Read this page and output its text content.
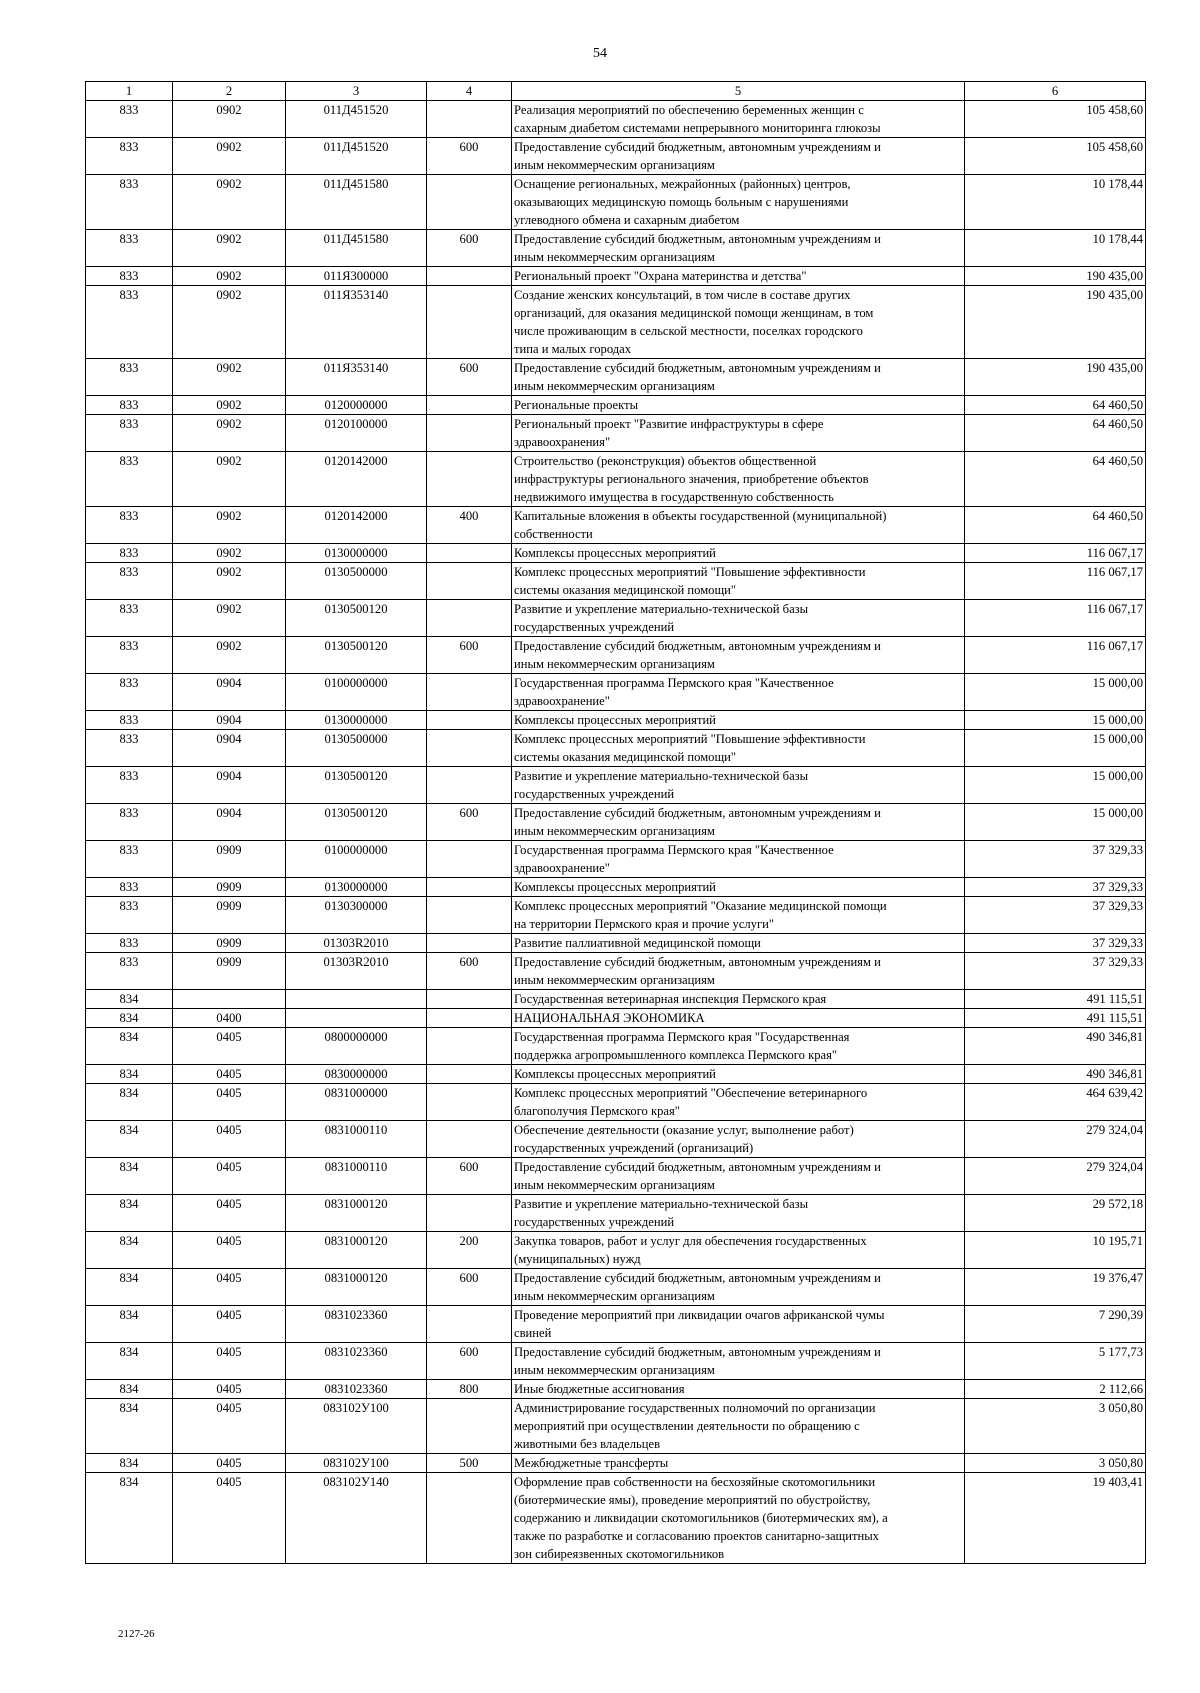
54
1	2	3	4	5	6
833	0902	011Д451520		Реализация мероприятий по обеспечению беременных женщин с
сахарным диабетом системами непрерывного мониторинга глюкозы	105 458,60
833	0902	011Д451520	600	Предоставление субсидий бюджетным, автономным учреждениям и
иным некоммерческим организациям	105 458,60
833	0902	011Д451580		Оснащение региональных, межрайонных (районных) центров,
оказывающих медицинскую помощь больным с нарушениями
углеводного обмена и сахарным диабетом	10 178,44
833	0902	011Д451580	600	Предоставление субсидий бюджетным, автономным учреждениям и
иным некоммерческим организациям	10 178,44
833	0902	011Я300000		Региональный проект "Охрана материнства и детства"	190 435,00
833	0902	011Я353140		Создание женских консультаций, в том числе в составе других
организаций, для оказания медицинской помощи женщинам, в том
числе проживающим в сельской местности, поселках городского
типа и малых городах	190 435,00
833	0902	011Я353140	600	Предоставление субсидий бюджетным, автономным учреждениям и
иным некоммерческим организациям	190 435,00
833	0902	0120000000		Региональные проекты	64 460,50
833	0902	0120100000		Региональный проект "Развитие инфраструктуры в сфере
здравоохранения"	64 460,50
833	0902	0120142000		Строительство (реконструкция) объектов общественной
инфраструктуры регионального значения, приобретение объектов
недвижимого имущества в государственную собственность	64 460,50
833	0902	0120142000	400	Капитальные вложения в объекты государственной (муниципальной)
собственности	64 460,50
833	0902	0130000000		Комплексы процессных мероприятий	116 067,17
833	0902	0130500000		Комплекс процессных мероприятий "Повышение эффективности
системы оказания медицинской помощи"	116 067,17
833	0902	0130500120		Развитие и укрепление материально-технической базы
государственных учреждений	116 067,17
833	0902	0130500120	600	Предоставление субсидий бюджетным, автономным учреждениям и
иным некоммерческим организациям	116 067,17
833	0904	0100000000		Государственная программа Пермского края "Качественное
здравоохранение"	15 000,00
833	0904	0130000000		Комплексы процессных мероприятий	15 000,00
833	0904	0130500000		Комплекс процессных мероприятий "Повышение эффективности
системы оказания медицинской помощи"	15 000,00
833	0904	0130500120		Развитие и укрепление материально-технической базы
государственных учреждений	15 000,00
833	0904	0130500120	600	Предоставление субсидий бюджетным, автономным учреждениям и
иным некоммерческим организациям	15 000,00
833	0909	0100000000		Государственная программа Пермского края "Качественное
здравоохранение"	37 329,33
833	0909	0130000000		Комплексы процессных мероприятий	37 329,33
833	0909	0130300000		Комплекс процессных мероприятий "Оказание медицинской помощи
на территории Пермского края и прочие услуги"	37 329,33
833	0909	01303R2010		Развитие паллиативной медицинской помощи	37 329,33
833	0909	01303R2010	600	Предоставление субсидий бюджетным, автономным учреждениям и
иным некоммерческим организациям	37 329,33
834				Государственная ветеринарная инспекция Пермского края	491 115,51
834	0400			НАЦИОНАЛЬНАЯ ЭКОНОМИКА	491 115,51
834	0405	0800000000		Государственная программа Пермского края "Государственная
поддержка агропромышленного комплекса Пермского края"	490 346,81
834	0405	0830000000		Комплексы процессных мероприятий	490 346,81
834	0405	0831000000		Комплекс процессных мероприятий "Обеспечение ветеринарного
благополучия Пермского края"	464 639,42
834	0405	0831000110		Обеспечение деятельности (оказание услуг, выполнение работ)
государственных учреждений (организаций)	279 324,04
834	0405	0831000110	600	Предоставление субсидий бюджетным, автономным учреждениям и
иным некоммерческим организациям	279 324,04
834	0405	0831000120		Развитие и укрепление материально-технической базы
государственных учреждений	29 572,18
834	0405	0831000120	200	Закупка товаров, работ и услуг для обеспечения государственных
(муниципальных) нужд	10 195,71
834	0405	0831000120	600	Предоставление субсидий бюджетным, автономным учреждениям и
иным некоммерческим организациям	19 376,47
834	0405	0831023360		Проведение мероприятий при ликвидации очагов африканской чумы
свиней	7 290,39
834	0405	0831023360	600	Предоставление субсидий бюджетным, автономным учреждениям и
иным некоммерческим организациям	5 177,73
834	0405	0831023360	800	Иные бюджетные ассигнования	2 112,66
834	0405	083102У100		Администрирование государственных полномочий по организации
мероприятий при осуществлении деятельности по обращению с
животными без владельцев	3 050,80
834	0405	083102У100	500	Межбюджетные трансферты	3 050,80
834	0405	083102У140		Оформление прав собственности на бесхозяйные скотомогильники
(биотермические ямы), проведение мероприятий по обустройству,
содержанию и ликвидации скотомогильников (биотермических ям), а
также по разработке и согласованию проектов санитарно-защитных
зон сибиреязвенных скотомогильников	19 403,41
2127-26
